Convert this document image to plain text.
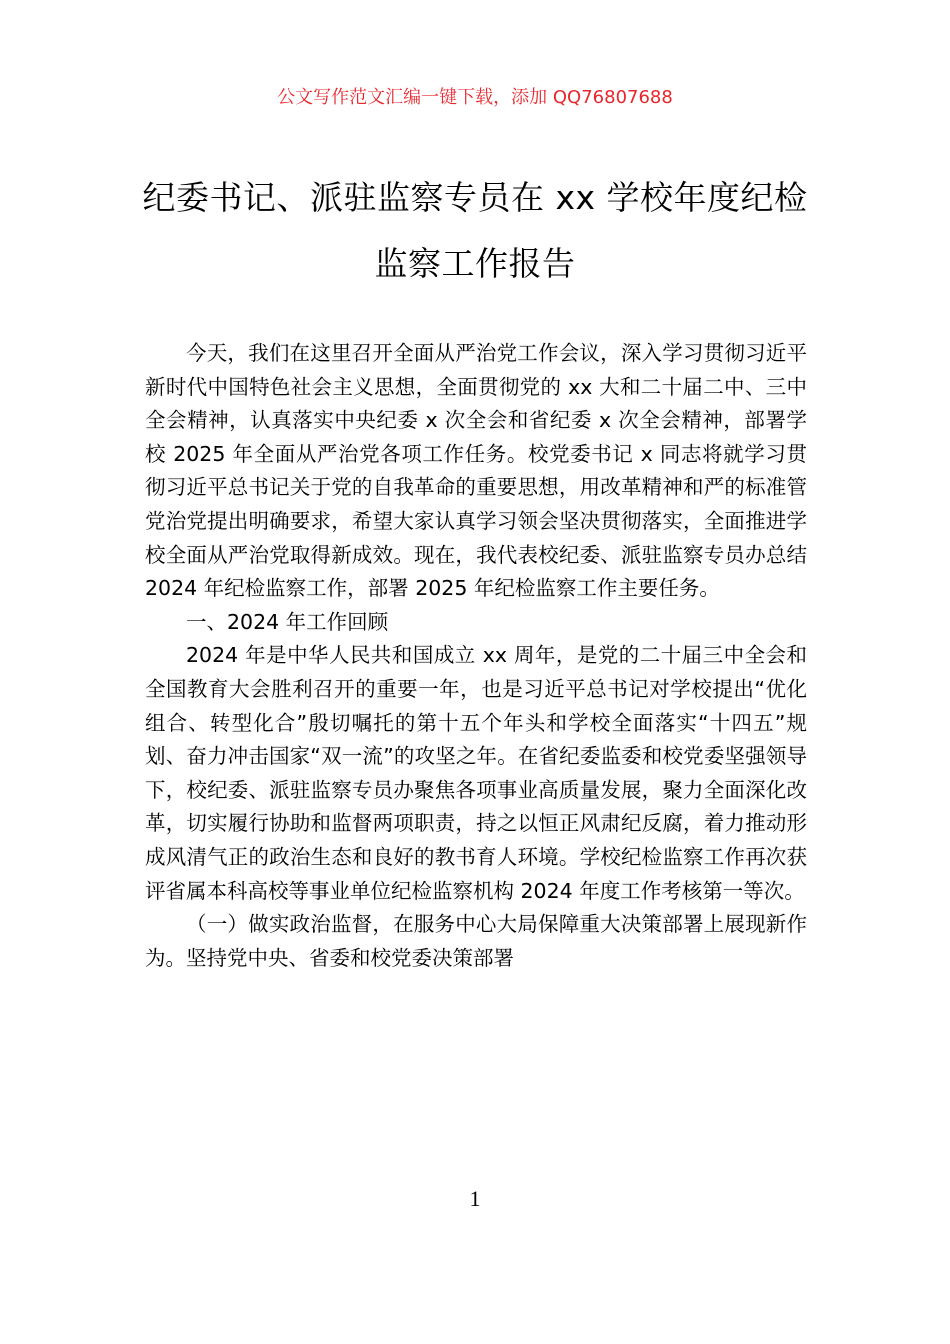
公文写作范文汇编一键下载，添加 QQ76807688
纪委书记、派驻监察专员在 xx 学校年度纪检监察工作报告

今天，我们在这里召开全面从严治党工作会议，深入学习贯彻习近平新时代中国特色社会主义思想，全面贯彻党的 xx 大和二十届二中、三中全会精神，认真落实中央纪委 x 次全会和省纪委 x 次全会精神，部署学校 2025 年全面从严治党各项工作任务。校党委书记 x 同志将就学习贯彻习近平总书记关于党的自我革命的重要思想，用改革精神和严的标准管党治党提出明确要求，希望大家认真学习领会坚决贯彻落实，全面推进学校全面从严治党取得新成效。现在，我代表校纪委、派驻监察专员办总结 2024 年纪检监察工作，部署 2025 年纪检监察工作主要任务。

一、2024 年工作回顾

2024 年是中华人民共和国成立 xx 周年，是党的二十届三中全会和全国教育大会胜利召开的重要一年，也是习近平总书记对学校提出“优化组合、转型化合”殷切嘱托的第十五个年头和学校全面落实“十四五”规划、奋力冲击国家“双一流”的攻坚之年。在省纪委监委和校党委坚强领导下，校纪委、派驻监察专员办聚焦各项事业高质量发展，聚力全面深化改革，切实履行协助和监督两项职责，持之以恒正风肃纪反腐，着力推动形成风清气正的政治生态和良好的教书育人环境。学校纪检监察工作再次获评省属本科高校等事业单位纪检监察机构 2024 年度工作考核第一等次。

（一）做实政治监督，在服务中心大局保障重大决策部署上展现新作为。坚持党中央、省委和校党委决策部署

1
